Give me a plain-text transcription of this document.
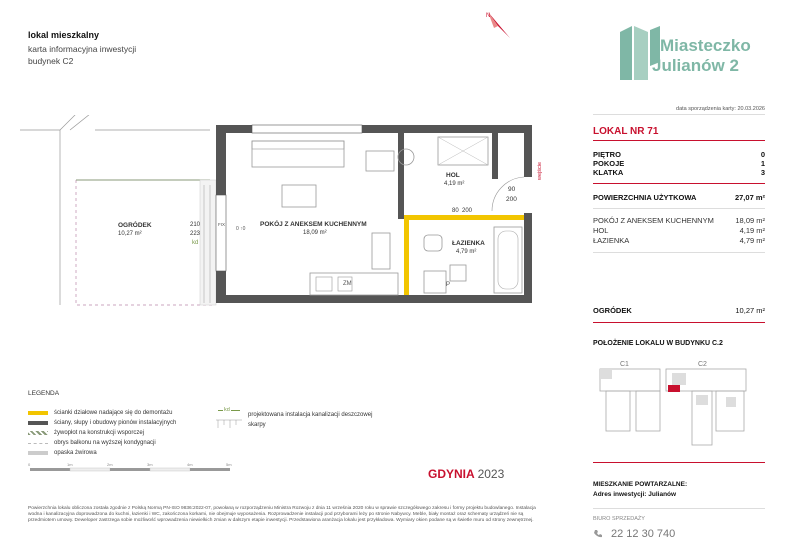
lokal mieszkalny
karta informacyjna inwestycji
budynek C2
N
Miasteczko
Julianów 2
data sporządzenia karty: 20.03.2026
LOKAL NR 71
PIĘTRO	0
POKOJE	1
KLATKA	3
POWIERZCHNIA UŻYTKOWA	27,07 m²
POKÓJ Z ANEKSEM KUCHENNYM	18,09 m²
HOL	4,19 m²
ŁAZIENKA	4,79 m²
OGRÓDEK	10,27 m²
POŁOŻENIE LOKALU W BUDYNKU C.2
C1	C2
MIESZKANIE POWTARZALNE:
Adres inwestycji: Julianów
BIURO SPRZEDAŻY
22 12 30 740
OGRÓDEK
10,27 m²
210
223
kd
POKÓJ Z ANEKSEM KUCHENNYM
18,09 m²
HOL
4,19 m²
ŁAZIENKA
4,79 m²
90
200
80 200
wejście
ZM	P
FIX
0 ↑0
LEGENDA
ścianki działowe nadające się do demontażu
ściany, słupy i obudowy pionów instalacyjnych
żywopłot na konstrukcji wsporczej
obrys balkonu na wyższej kondygnacji
opaska żwirowa
kd
projektowana instalacja kanalizacji deszczowej
skarpy
0	1m	2m	3m	4m	5m
GDYNIA 2023
Powierzchnia lokalu obliczona została zgodnie z Polską Normą PN-ISO 9836:2022-07, powołaną w rozporządzeniu Ministra Rozwoju z dnia 11 września 2020 roku w sprawie szczegółowego zakresu i formy projektu budowlanego. Instalacja wodna i kanalizacyjna doprowadzona do kuchni, łazienki i WC, zakończona korkami, nie obejmuje wyposażenia. Rozprowadzenie instalacji pod przyborami leży po stronie Nabywcy. Meble, biały montaż oraz schematy urządzeń nie są przedmiotem umowy. Deweloper zastrzega sobie możliwość wprowadzenia niewielkich zmian w dalszym etapie inwestycji. Przedstawiona aranżacja lokalu jest przykładowa. Wymiary okien podane są w świetle muru od strony zewnętrznej.
